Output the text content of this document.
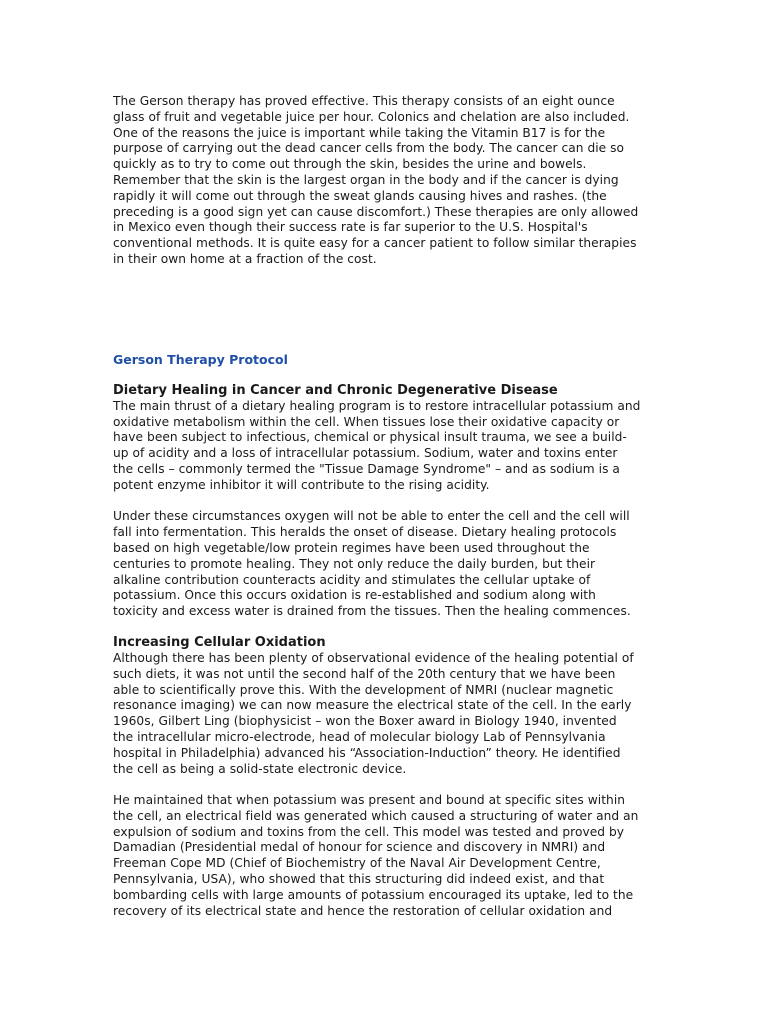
The Gerson therapy has proved effective. This therapy consists of an eight ounce
glass of fruit and vegetable juice per hour. Colonics and chelation are also included.
One of the reasons the juice is important while taking the Vitamin B17 is for the
purpose of carrying out the dead cancer cells from the body. The cancer can die so
quickly as to try to come out through the skin, besides the urine and bowels.
Remember that the skin is the largest organ in the body and if the cancer is dying
rapidly it will come out through the sweat glands causing hives and rashes. (the
preceding is a good sign yet can cause discomfort.) These therapies are only allowed
in Mexico even though their success rate is far superior to the U.S. Hospital's
conventional methods. It is quite easy for a cancer patient to follow similar therapies
in their own home at a fraction of the cost.

Gerson Therapy Protocol
Dietary Healing in Cancer and Chronic Degenerative Disease

The main thrust of a dietary healing program is to restore intracellular potassium and
oxidative metabolism within the cell. When tissues lose their oxidative capacity or
have been subject to infectious, chemical or physical insult trauma, we see a build-
up of acidity and a loss of intracellular potassium. Sodium, water and toxins enter
the cells – commonly termed the "Tissue Damage Syndrome" – and as sodium is a
potent enzyme inhibitor it will contribute to the rising acidity.

Under these circumstances oxygen will not be able to enter the cell and the cell will
fall into fermentation. This heralds the onset of disease. Dietary healing protocols
based on high vegetable/low protein regimes have been used throughout the
centuries to promote healing. They not only reduce the daily burden, but their
alkaline contribution counteracts acidity and stimulates the cellular uptake of
potassium. Once this occurs oxidation is re-established and sodium along with
toxicity and excess water is drained from the tissues. Then the healing commences.

Increasing Cellular Oxidation

Although there has been plenty of observational evidence of the healing potential of
such diets, it was not until the second half of the 20th century that we have been
able to scientifically prove this. With the development of NMRI (nuclear magnetic
resonance imaging) we can now measure the electrical state of the cell. In the early
1960s, Gilbert Ling (biophysicist – won the Boxer award in Biology 1940, invented
the intracellular micro-electrode, head of molecular biology Lab of Pennsylvania
hospital in Philadelphia) advanced his “Association-Induction” theory. He identified
the cell as being a solid-state electronic device.

He maintained that when potassium was present and bound at specific sites within
the cell, an electrical field was generated which caused a structuring of water and an
expulsion of sodium and toxins from the cell. This model was tested and proved by
Damadian (Presidential medal of honour for science and discovery in NMRI) and
Freeman Cope MD (Chief of Biochemistry of the Naval Air Development Centre,
Pennsylvania, USA), who showed that this structuring did indeed exist, and that
bombarding cells with large amounts of potassium encouraged its uptake, led to the
recovery of its electrical state and hence the restoration of cellular oxidation and
